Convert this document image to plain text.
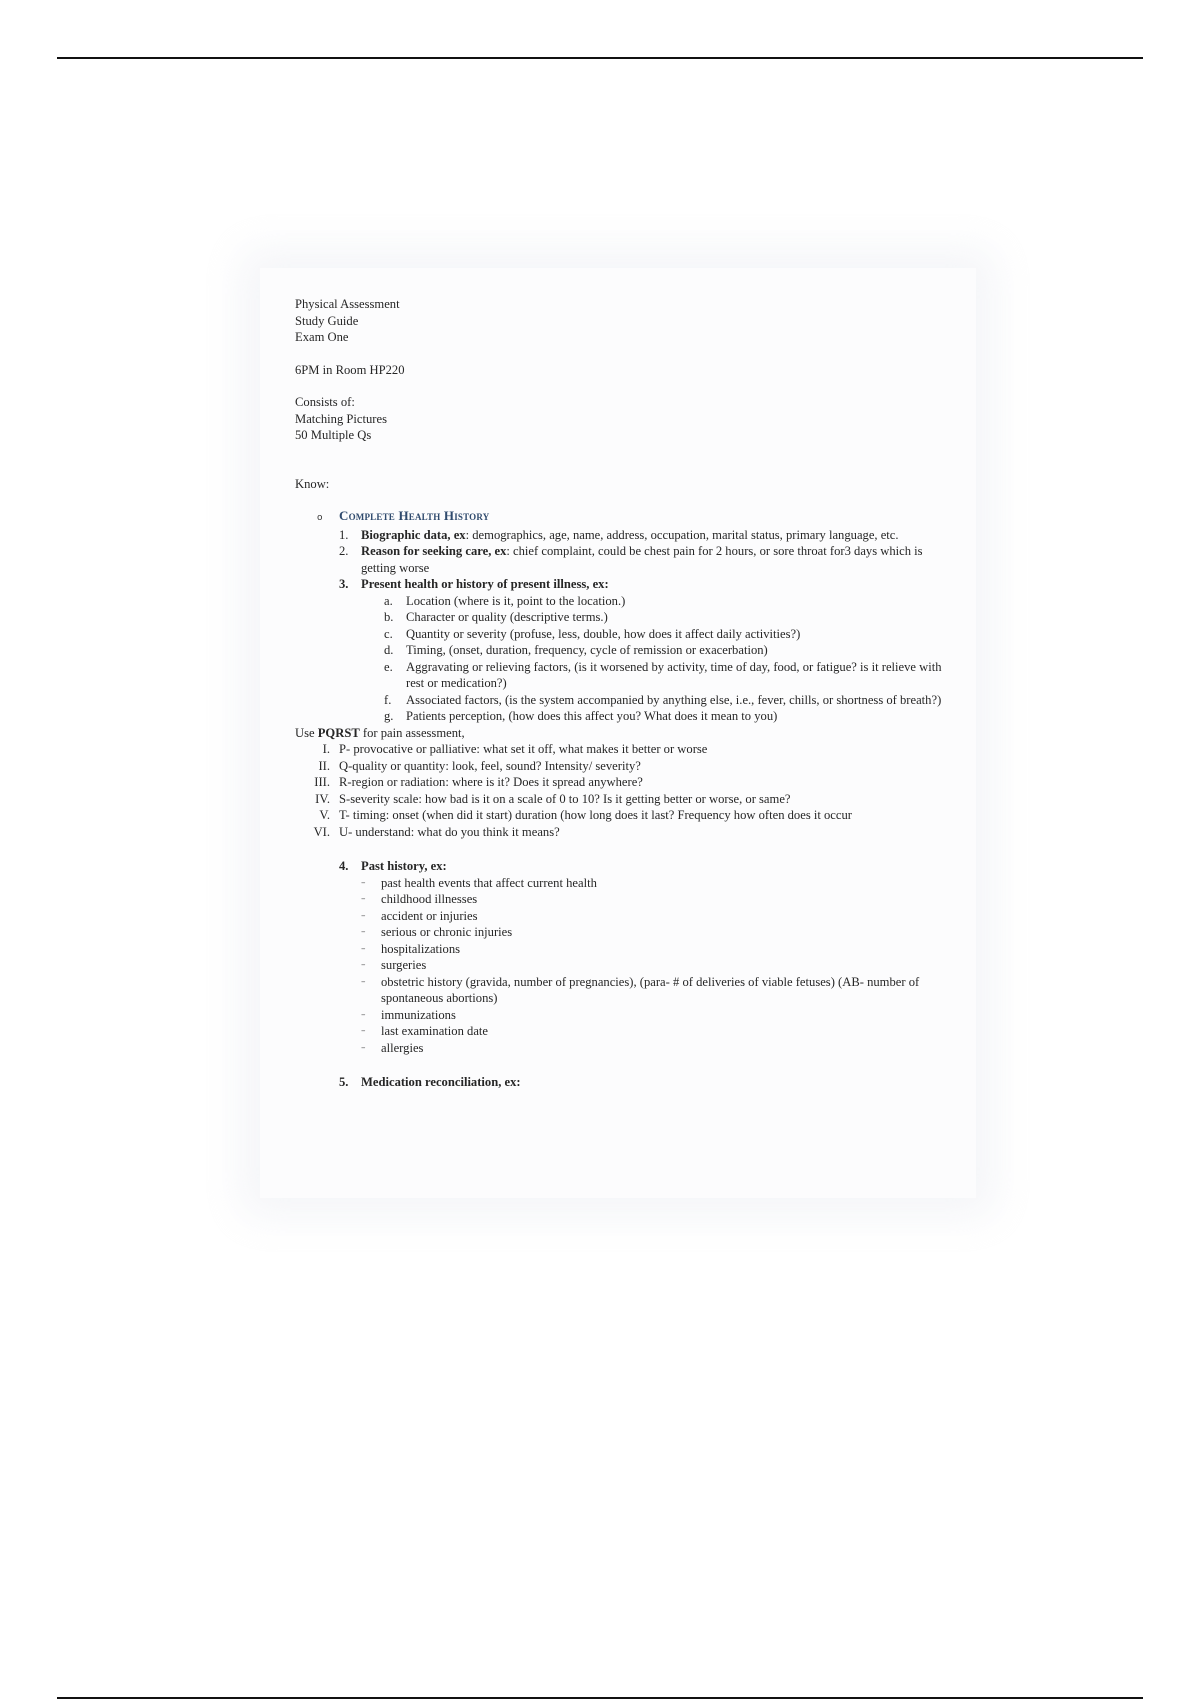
Physical Assessment
Study Guide
Exam One
6PM in Room HP220
Consists of:
Matching Pictures
50 Multiple Qs
Know:
o	Complete Health History
1. Biographic data, ex: demographics, age, name, address, occupation, marital status, primary language, etc.
2. Reason for seeking care, ex: chief complaint, could be chest pain for 2 hours, or sore throat for3 days which is getting worse
3. Present health or history of present illness, ex:
a.	Location (where is it, point to the location.)
b. Character or quality (descriptive terms.)
c.	Quantity or severity (profuse, less, double, how does it affect daily activities?)
d. Timing, (onset, duration, frequency, cycle of remission or exacerbation)
e.	Aggravating or relieving factors, (is it worsened by activity, time of day, food, or fatigue? is it relieve with rest or medication?)
f.	Associated factors, (is the system accompanied by anything else, i.e., fever, chills, or shortness of breath?)
g. Patients perception, (how does this affect you? What does it mean to you)
Use PQRST for pain assessment,
I. P- provocative or palliative: what set it off, what makes it better or worse
II. Q-quality or quantity: look, feel, sound? Intensity/ severity?
III. R-region or radiation: where is it? Does it spread anywhere?
IV. S-severity scale: how bad is it on a scale of 0 to 10? Is it getting better or worse, or same?
V. T- timing: onset (when did it start) duration (how long does it last? Frequency how often does it occur
VI. U- understand: what do you think it means?
4. Past history, ex:
–	past health events that affect current health
–	childhood illnesses
–	accident or injuries
–	serious or chronic injuries
–	hospitalizations
–	surgeries
–	obstetric history (gravida, number of pregnancies), (para- # of deliveries of viable fetuses) (AB- number of spontaneous abortions)
–	immunizations
–	last examination date
–	allergies
5. Medication reconciliation, ex:
